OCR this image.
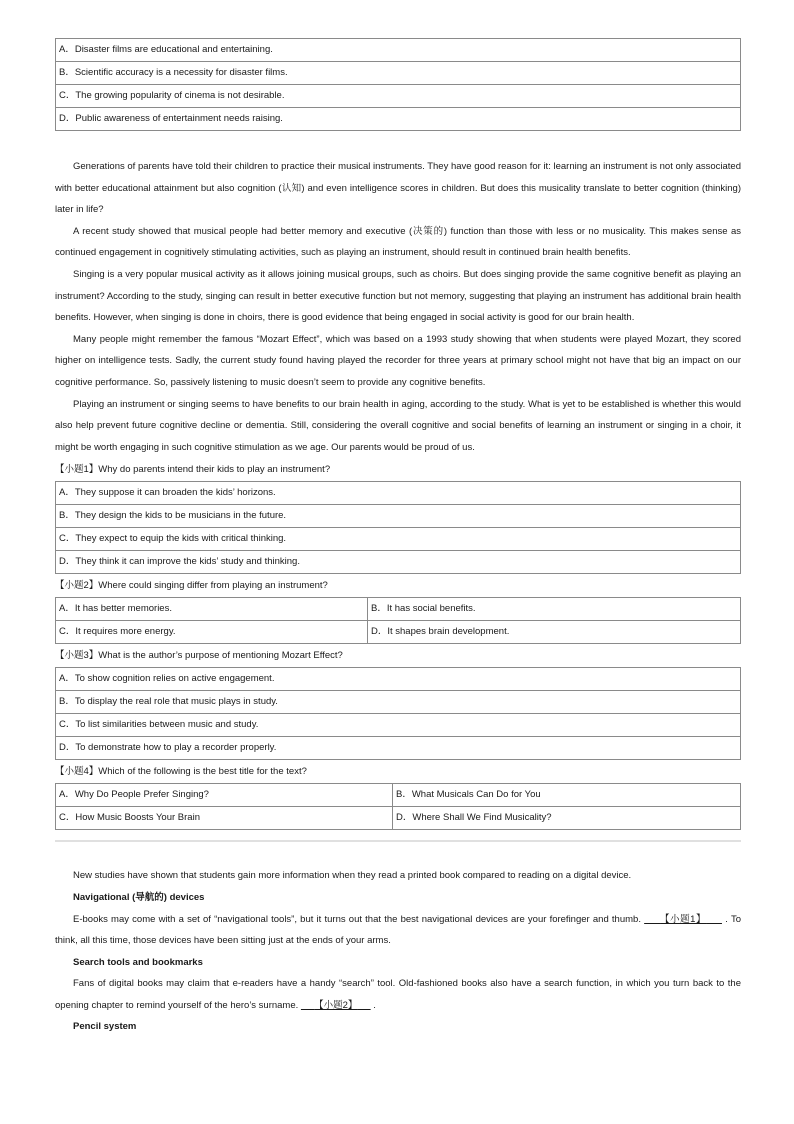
A．Disaster films are educational and entertaining.
B．Scientific accuracy is a necessity for disaster films.
C．The growing popularity of cinema is not desirable.
D．Public awareness of entertainment needs raising.

Generations of parents have told their children to practice their musical instruments. They have good reason for it: learning an instrument is not only associated with better educational attainment but also cognition (认知) and even intelligence scores in children. But does this musicality translate to better cognition (thinking) later in life?

A recent study showed that musical people had better memory and executive (决策的) function than those with less or no musicality. This makes sense as continued engagement in cognitively stimulating activities, such as playing an instrument, should result in continued brain health benefits.

Singing is a very popular musical activity as it allows joining musical groups, such as choirs. But does singing provide the same cognitive benefit as playing an instrument? According to the study, singing can result in better executive function but not memory, suggesting that playing an instrument has additional brain health benefits. However, when singing is done in choirs, there is good evidence that being engaged in social activity is good for our brain health.

Many people might remember the famous “Mozart Effect”, which was based on a 1993 study showing that when students were played Mozart, they scored higher on intelligence tests. Sadly, the current study found having played the recorder for three years at primary school might not have that big an impact on our cognitive performance. So, passively listening to music doesn’t seem to provide any cognitive benefits.

Playing an instrument or singing seems to have benefits to our brain health in aging, according to the study. What is yet to be established is whether this would also help prevent future cognitive decline or dementia. Still, considering the overall cognitive and social benefits of learning an instrument or singing in a choir, it might be worth engaging in such cognitive stimulation as we age. Our parents would be proud of us.

【小题1】Why do parents intend their kids to play an instrument?

A．They suppose it can broaden the kids’ horizons.
B．They design the kids to be musicians in the future.
C．They expect to equip the kids with critical thinking.
D．They think it can improve the kids’ study and thinking.

【小题2】Where could singing differ from playing an instrument?

A．It has better memories.	B．It has social benefits.
C．It requires more energy.	D．It shapes brain development.

【小题3】What is the author’s purpose of mentioning Mozart Effect?

A．To show cognition relies on active engagement.
B．To display the real role that music plays in study.
C．To list similarities between music and study.
D．To demonstrate how to play a recorder properly.

【小题4】Which of the following is the best title for the text?

A．Why Do People Prefer Singing?	B．What Musicals Can Do for You
C．How Music Boosts Your Brain	D．Where Shall We Find Musicality?

New studies have shown that students gain more information when they read a printed book compared to reading on a digital device.

Navigational (导航的) devices

E-books may come with a set of “navigational tools”, but it turns out that the best navigational devices are your forefinger and thumb.      【小题1】      . To think, all this time, those devices have been sitting just at the ends of your arms.

Search tools and bookmarks

Fans of digital books may claim that e-readers have a handy “search” tool. Old-fashioned books also have a search function, in which you turn back to the opening chapter to remind yourself of the hero’s surname.      【小题2】      .

Pencil system
